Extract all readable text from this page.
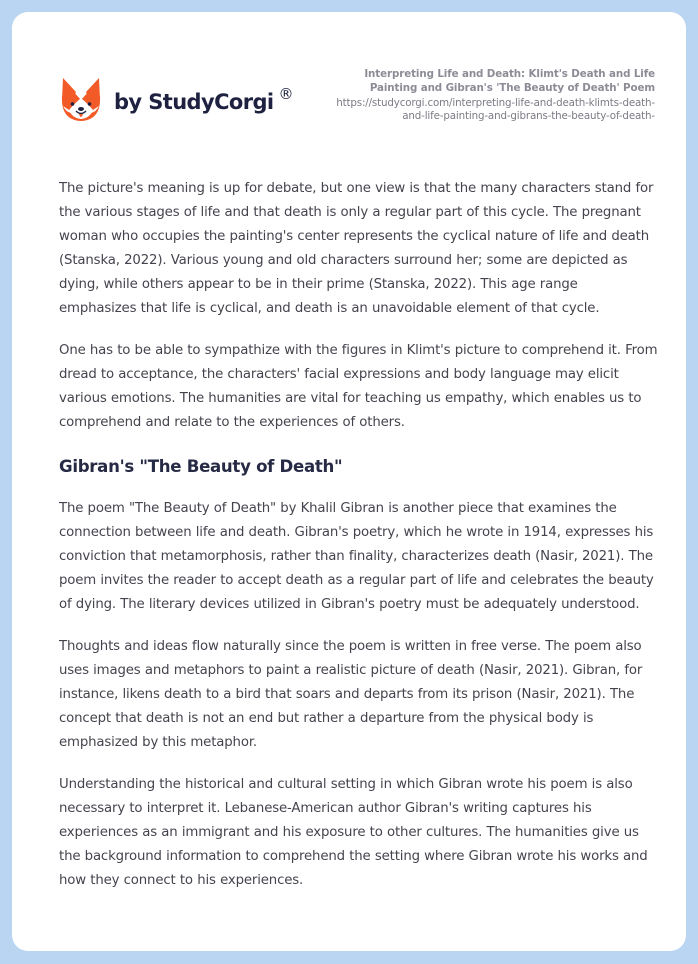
by StudyCorgi ®
Interpreting Life and Death: Klimt's Death and Life Painting and Gibran's 'The Beauty of Death' Poem
https://studycorgi.com/interpreting-life-and-death-klimts-death-and-life-painting-and-gibrans-the-beauty-of-death-

The picture's meaning is up for debate, but one view is that the many characters stand for the various stages of life and that death is only a regular part of this cycle. The pregnant woman who occupies the painting's center represents the cyclical nature of life and death (Stanska, 2022). Various young and old characters surround her; some are depicted as dying, while others appear to be in their prime (Stanska, 2022). This age range emphasizes that life is cyclical, and death is an unavoidable element of that cycle.

One has to be able to sympathize with the figures in Klimt's picture to comprehend it. From dread to acceptance, the characters' facial expressions and body language may elicit various emotions. The humanities are vital for teaching us empathy, which enables us to comprehend and relate to the experiences of others.

Gibran's "The Beauty of Death"

The poem "The Beauty of Death" by Khalil Gibran is another piece that examines the connection between life and death. Gibran's poetry, which he wrote in 1914, expresses his conviction that metamorphosis, rather than finality, characterizes death (Nasir, 2021). The poem invites the reader to accept death as a regular part of life and celebrates the beauty of dying. The literary devices utilized in Gibran's poetry must be adequately understood.

Thoughts and ideas flow naturally since the poem is written in free verse. The poem also uses images and metaphors to paint a realistic picture of death (Nasir, 2021). Gibran, for instance, likens death to a bird that soars and departs from its prison (Nasir, 2021). The concept that death is not an end but rather a departure from the physical body is emphasized by this metaphor.

Understanding the historical and cultural setting in which Gibran wrote his poem is also necessary to interpret it. Lebanese-American author Gibran's writing captures his experiences as an immigrant and his exposure to other cultures. The humanities give us the background information to comprehend the setting where Gibran wrote his works and how they connect to his experiences.
